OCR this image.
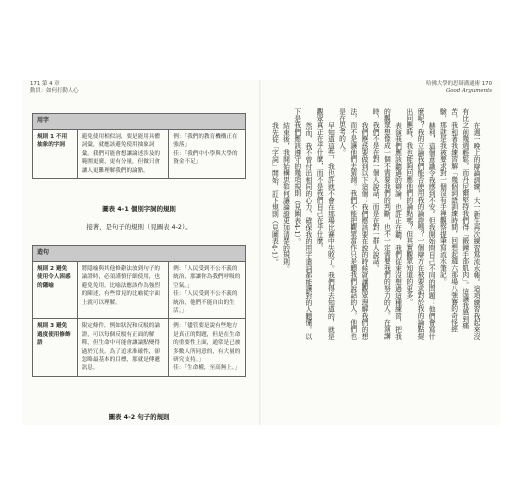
171 第 4 章
動員：如何打動人心
用字
規則 1 不用抽象的字詞	避免使用相似詞，要是能用具體詞彙，就應該避免使用抽象詞彙。我們可能會想讓論述涉及的範圍更廣，更有分量，但做只會讓人更難理解我們的論點。	
例：「我們的教育機構正在強落」
佳：「我們中小學與大學的資金不足」
圖表 4-1 個別字詞的規則
接著，是句子的規則（見圖表 4-2）。
造句		
規則 2 避免使用令人困惑的隱喻	將隱喻與其他修辭法放到句子的論證時，必須謹慎仔細使用，也避免免用。比喻法應該作為強烈的陳述，有些常見的比喻從字面上就可以理解。	例：「人民受到不公不義的統治，那讓你為我們呼吸的空氣。」
佳：「人民受到不公不義的統治，他們不能自由的生活。」

規則 3 避免過度使用修飾語	限定條件，例如狀況和反駁的論證，可以每個反駁有正面的解釋，但生命中可能會讓論點變得過於冗長。為了追求准確性，卻忽略最基本的目標，那就是傳遞訊息。	例：「儘管要是說有些地方是真正的問題，但是在生命的重要性上面，通常是已被多數人所同意的，有大量的研究支持。」
佳：「生命權，至高無上。」
圖表 4-2 句子的規則
哈佛大學的思辯溝通術 170
Good Arguments

在週一晚上的辯論訓練，大一新生再次練習寫流水帳。這項練習我起來沒有比之前幾週輕鬆，而丹尼爾堅持我們得「鍛鍊手部肌肉」。這讓我感到痛苦，我和著我練習解「幾個詞語訓練時間，回想起週六那場八強賽的奇怪經驗，那就是我被要求對一個沒有手裡觀察提筆寫流水筆記。

赫利，這個意識令我感到不安。但我開始問自己不同的問題：他們會寫什麼呢？我的立論我們能否使用我的論證嗎？一個辯方在被要求對於我的論點提出回應時，我也能夠回應他們的論點嗎？但其實觀眾知道的更多。

表演我們應該聽過的辯論，也許正在聽，我們從來沒想過這種練習，把我的觀眾想像成一個不需要我們的判斷，也不一定需要我們的努力的人。在演講時，我們不是在對一個人說話，而是在對一群人說話。

我們應該要做到以下這個：我們應該要在說的時候就讓觀眾理解我們的想法，而不是讓他們去猜測。我們不能把觀眾當作只是聽我們說話的人，他們也是在思考的人。

早知道這些，我也許就不會在那場比賽中失敗了。我們得去知道的，就是觀眾真正在乎什麼，而不是我們自己在乎什麼。

然而，我不曾付出相同的心力，確保我的用字遣詞都能讓對的人聽懂。以下是我們應該遵守的幾項規則（見圖表4-1）。

結束後，我開始構思如何讓論證更加清楚的規則。

我先從「字詞」開始，訂下規則（見圖表4-1）。
